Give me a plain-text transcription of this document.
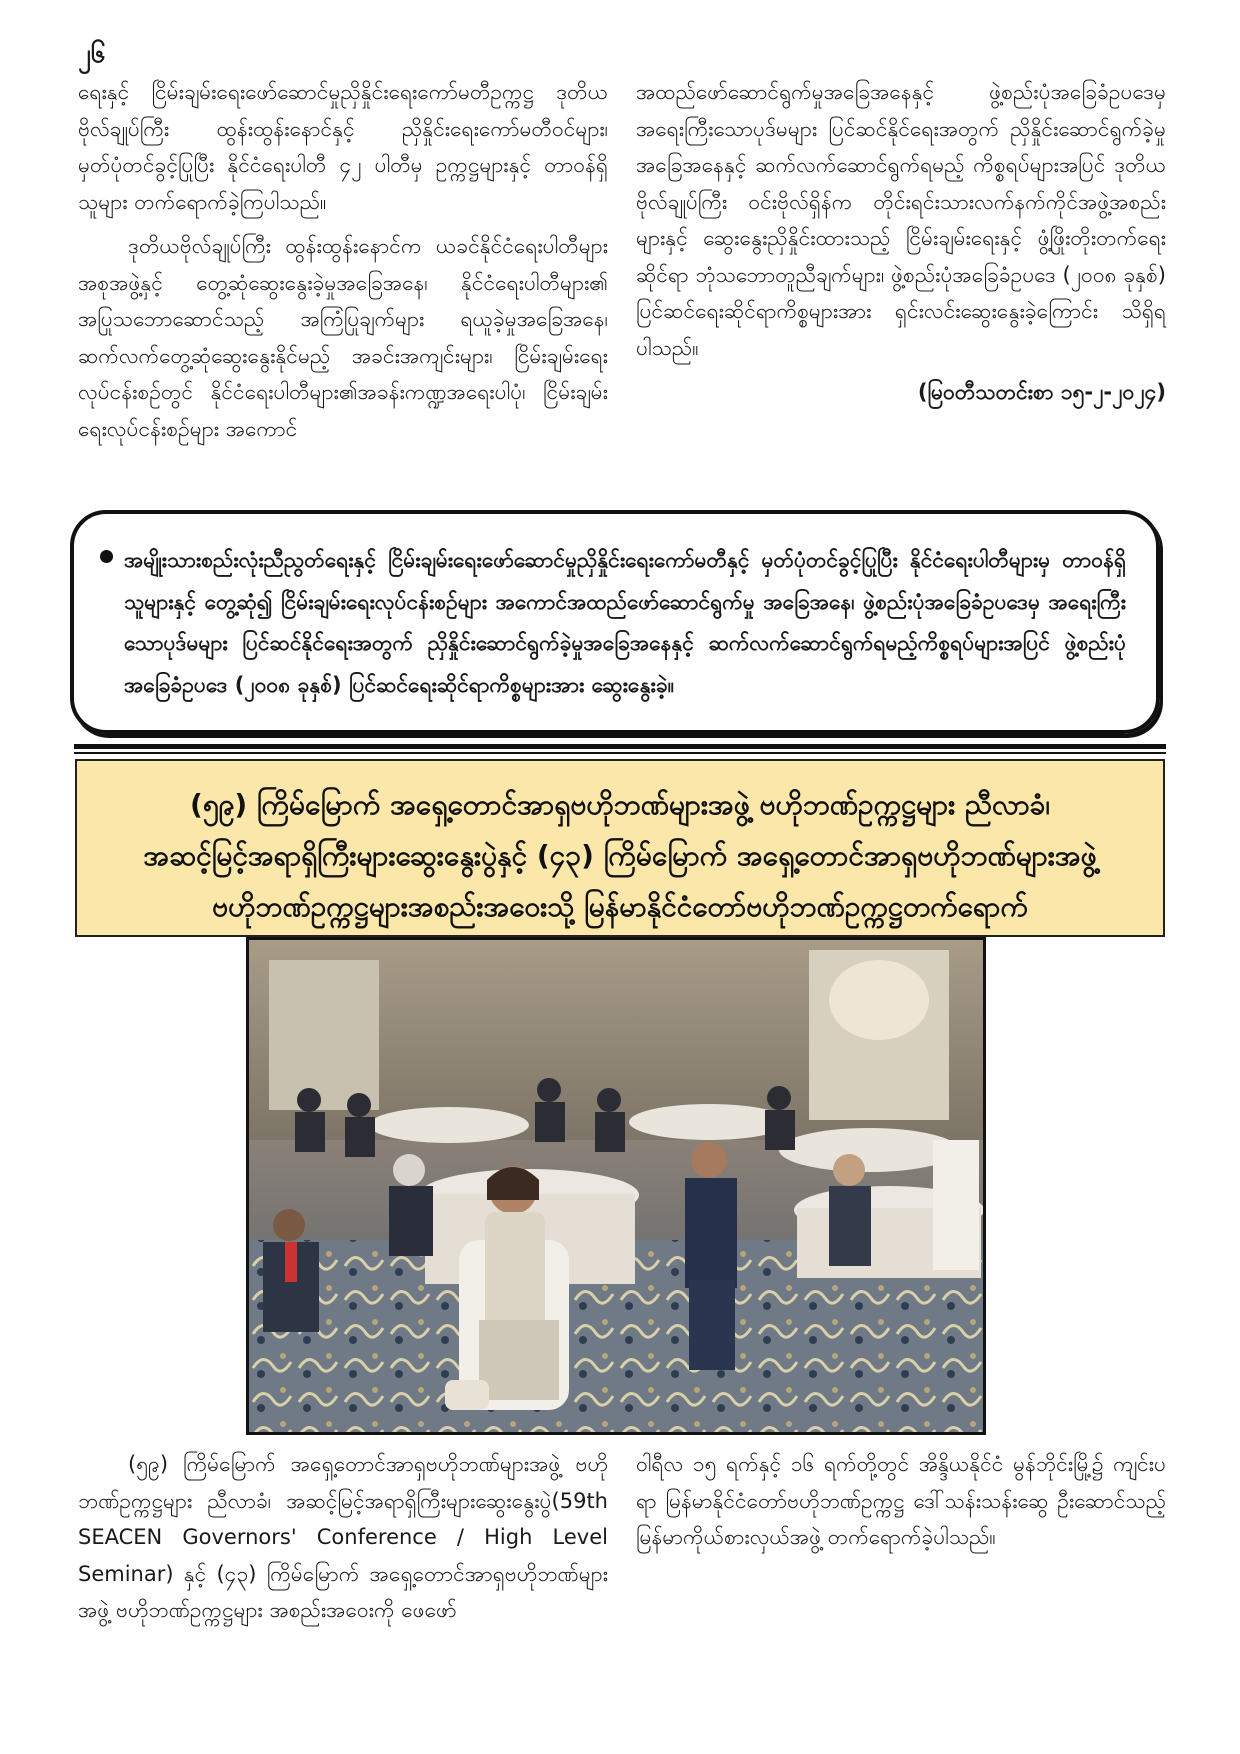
၂၆

ရေးနှင့် ငြိမ်းချမ်းရေးဖော်ဆောင်မှုညှိနှိုင်းရေးကော်မတီဥက္ကဋ္ဌ ဒုတိယဗိုလ်ချုပ်ကြီး ထွန်းထွန်းနောင်နှင့် ညှိနှိုင်းရေးကော်မတီဝင်များ၊ မှတ်ပုံတင်ခွင့်ပြုပြီး နိုင်ငံရေးပါတီ ၄၂ ပါတီမှ ဥက္ကဋ္ဌများနှင့် တာဝန်ရှိသူများ တက်ရောက်ခဲ့ကြပါသည်။

ဒုတိယဗိုလ်ချုပ်ကြီး ထွန်းထွန်းနောင်က ယခင်နိုင်ငံရေးပါတီများ အစုအဖွဲ့နှင့် တွေ့ဆုံဆွေးနွေးခဲ့မှုအခြေအနေ၊ နိုင်ငံရေးပါတီများ၏ အပြုသဘောဆောင်သည့် အကြံပြုချက်များ ရယူခဲ့မှုအခြေအနေ၊ ဆက်လက်တွေ့ဆုံဆွေးနွေးနိုင်မည့် အခင်းအကျင်းများ၊ ငြိမ်းချမ်းရေးလုပ်ငန်းစဉ်တွင် နိုင်ငံရေးပါတီများ၏အခန်းကဏ္ဍအရေးပါပုံ၊ ငြိမ်းချမ်းရေးလုပ်ငန်းစဉ်များ အကောင်

အထည်ဖော်ဆောင်ရွက်မှုအခြေအနေနှင့် ဖွဲ့စည်းပုံအခြေခံဥပဒေမှ အရေးကြီးသောပုဒ်မများ ပြင်ဆင်နိုင်ရေးအတွက် ညှိနှိုင်းဆောင်ရွက်ခဲ့မှုအခြေအနေနှင့် ဆက်လက်ဆောင်ရွက်ရမည့် ကိစ္စရပ်များအပြင် ဒုတိယဗိုလ်ချုပ်ကြီး ဝင်းဗိုလ်ရှိန်က တိုင်းရင်းသားလက်နက်ကိုင်အဖွဲ့အစည်းများနှင့် ဆွေးနွေးညှိနှိုင်းထားသည့် ငြိမ်းချမ်းရေးနှင့် ဖွံ့ဖြိုးတိုးတက်ရေးဆိုင်ရာ ဘုံသဘောတူညီချက်များ၊ ဖွဲ့စည်းပုံအခြေခံဥပဒေ (၂၀၀၈ ခုနှစ်) ပြင်ဆင်ရေးဆိုင်ရာကိစ္စများအား ရှင်းလင်းဆွေးနွေးခဲ့ကြောင်း သိရှိရပါသည်။

(မြဝတီသတင်းစာ ၁၅-၂-၂၀၂၄)

အမျိုးသားစည်းလုံးညီညွတ်ရေးနှင့် ငြိမ်းချမ်းရေးဖော်ဆောင်မှုညှိနှိုင်းရေးကော်မတီနှင့် မှတ်ပုံတင်ခွင့်ပြုပြီး နိုင်ငံရေးပါတီများမှ တာဝန်ရှိသူများနှင့် တွေ့ဆုံ၍ ငြိမ်းချမ်းရေးလုပ်ငန်းစဉ်များ အကောင်အထည်ဖော်ဆောင်ရွက်မှု အခြေအနေ၊ ဖွဲ့စည်းပုံအခြေခံဥပဒေမှ အရေးကြီးသောပုဒ်မများ ပြင်ဆင်နိုင်ရေးအတွက် ညှိနှိုင်းဆောင်ရွက်ခဲ့မှုအခြေအနေနှင့် ဆက်လက်ဆောင်ရွက်ရမည့်ကိစ္စရပ်များအပြင် ဖွဲ့စည်းပုံအခြေခံဥပဒေ (၂၀၀၈ ခုနှစ်) ပြင်ဆင်ရေးဆိုင်ရာကိစ္စများအား ဆွေးနွေးခဲ့။

(၅၉) ကြိမ်မြောက် အရှေ့တောင်အာရှဗဟိုဘဏ်များအဖွဲ့ ဗဟိုဘဏ်ဥက္ကဋ္ဌများ ညီလာခံ၊
အဆင့်မြင့်အရာရှိကြီးများဆွေးနွေးပွဲနှင့် (၄၃) ကြိမ်မြောက် အရှေ့တောင်အာရှဗဟိုဘဏ်များအဖွဲ့
ဗဟိုဘဏ်ဥက္ကဋ္ဌများအစည်းအဝေးသို့ မြန်မာနိုင်ငံတော်ဗဟိုဘဏ်ဥက္ကဋ္ဌတက်ရောက်

(၅၉) ကြိမ်မြောက် အရှေ့တောင်အာရှဗဟိုဘဏ်များအဖွဲ့ ဗဟိုဘဏ်ဥက္ကဋ္ဌများ ညီလာခံ၊ အဆင့်မြင့်အရာရှိကြီးများဆွေးနွေးပွဲ(59th SEACEN Governors' Conference / High Level Seminar) နှင့် (၄၃) ကြိမ်မြောက် အရှေ့တောင်အာရှဗဟိုဘဏ်များအဖွဲ့ ဗဟိုဘဏ်ဥက္ကဋ္ဌများ အစည်းအဝေးကို ဖေဖော်

ဝါရီလ ၁၅ ရက်နှင့် ၁၆ ရက်တို့တွင် အိန္ဒိယနိုင်ငံ မွန်ဘိုင်းမြို့၌ ကျင်းပရာ မြန်မာနိုင်ငံတော်ဗဟိုဘဏ်ဥက္ကဋ္ဌ ဒေါ်သန်းသန်းဆွေ ဦးဆောင်သည့် မြန်မာကိုယ်စားလှယ်အဖွဲ့ တက်ရောက်ခဲ့ပါသည်။
